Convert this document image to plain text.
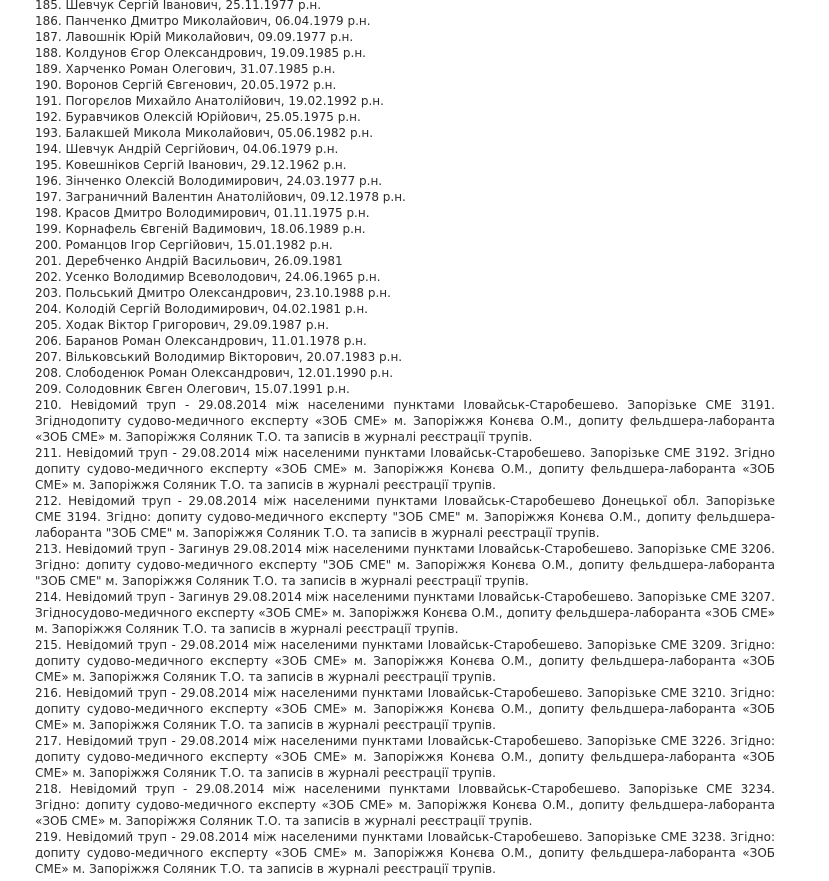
185. Шевчук Сергій Іванович, 25.11.1977 р.н.

186. Панченко Дмитро Миколайович, 06.04.1979 р.н.

187. Лавошнік Юрій Миколайович, 09.09.1977 р.н.

188. Колдунов Єгор Олександрович, 19.09.1985 р.н.

189. Харченко Роман Олегович, 31.07.1985 р.н.

190. Воронов Сергій Євгенович, 20.05.1972 р.н.

191. Погорєлов Михайло Анатолійович, 19.02.1992 р.н.

192. Буравчиков Олексій Юрійович, 25.05.1975 р.н.

193. Балакшей Микола Миколайович, 05.06.1982 р.н.

194. Шевчук Андрій Сергійович, 04.06.1979 р.н.

195. Ковешніков Сергій Іванович, 29.12.1962 р.н.

196. Зінченко Олексій Володимирович, 24.03.1977 р.н.

197. Заграничний Валентин Анатолійович, 09.12.1978 р.н.

198. Красов Дмитро Володимирович, 01.11.1975 р.н.

199. Корнафель Євгеній Вадимович, 18.06.1989 р.н.

200. Романцов Ігор Сергійович, 15.01.1982 р.н.

201. Деребченко Андрій Васильович, 26.09.1981

202. Усенко Володимир Всеволодович, 24.06.1965 р.н.

203. Польський Дмитро Олександрович, 23.10.1988 р.н.

204. Колодій Сергій Володимирович, 04.02.1981 р.н.

205. Ходак Віктор Григорович, 29.09.1987 р.н.

206. Баранов Роман Олександрович, 11.01.1978 р.н.

207. Вільковський Володимир Вікторович, 20.07.1983 р.н.

208. Слободенюк Роман Олександрович, 12.01.1990 р.н.

209. Солодовник Євген Олегович, 15.07.1991 р.н.

210. Невідомий труп - 29.08.2014 між населеними пунктами Іловайськ-Старобешево. Запорізьке СМЕ 3191. Згіднодопиту судово-медичного експерту «ЗОБ СМЕ» м. Запоріжжя Конєва О.М., допиту фельдшера-лаборанта «ЗОБ СМЕ» м. Запоріжжя Соляник Т.О. та записів в журналі реєстрації трупів.

211. Невідомий труп - 29.08.2014 між населеними пунктами Іловайськ-Старобешево. Запорізьке СМЕ 3192. Згідно допиту судово-медичного експерту «ЗОБ СМЕ» м. Запоріжжя Конєва О.М., допиту фельдшера-лаборанта «ЗОБ СМЕ» м. Запоріжжя Соляник Т.О. та записів в журналі реєстрації трупів.

212. Невідомий труп - 29.08.2014 між населеними пунктами Іловайськ-Старобешево Донецької обл. Запорізьке СМЕ 3194. Згідно: допиту судово-медичного експерту "ЗОБ СМЕ" м. Запоріжжя Конєва О.М., допиту фельдшера-лаборанта "ЗОБ СМЕ" м. Запоріжжя Соляник Т.О. та записів в журналі реєстрації трупів.

213. Невідомий труп - Загинув 29.08.2014 між населеними пунктами Іловайськ-Старобешево. Запорізьке СМЕ 3206. Згідно: допиту судово-медичного експерту "ЗОБ СМЕ" м. Запоріжжя Конєва О.М., допиту фельдшера-лаборанта "ЗОБ СМЕ" м. Запоріжжя Соляник Т.О. та записів в журналі реєстрації трупів.

214. Невідомий труп - Загинув 29.08.2014 між населеними пунктами Іловайськ-Старобешево. Запорізьке СМЕ 3207. Згідносудово-медичного експерту «ЗОБ СМЕ» м. Запоріжжя Конєва О.М., допиту фельдшера-лаборанта «ЗОБ СМЕ» м. Запоріжжя Соляник Т.О. та записів в журналі реєстрації трупів.

215. Невідомий труп - 29.08.2014 між населеними пунктами Іловайськ-Старобешево. Запорізьке СМЕ 3209. Згідно: допиту судово-медичного експерту «ЗОБ СМЕ» м. Запоріжжя Конєва О.М., допиту фельдшера-лаборанта «ЗОБ СМЕ» м. Запоріжжя Соляник Т.О. та записів в журналі реєстрації трупів.

216. Невідомий труп - 29.08.2014 між населеними пунктами Іловайськ-Старобешево. Запорізьке СМЕ 3210. Згідно: допиту судово-медичного експерту «ЗОБ СМЕ» м. Запоріжжя Конєва О.М., допиту фельдшера-лаборанта «ЗОБ СМЕ» м. Запоріжжя Соляник Т.О. та записів в журналі реєстрації трупів.

217. Невідомий труп - 29.08.2014 між населеними пунктами Іловайськ-Старобешево. Запорізьке СМЕ 3226. Згідно: допиту судово-медичного експерту «ЗОБ СМЕ» м. Запоріжжя Конєва О.М., допиту фельдшера-лаборанта «ЗОБ СМЕ» м. Запоріжжя Соляник Т.О. та записів в журналі реєстрації трупів.

218. Невідомий труп - 29.08.2014 між населеними пунктами Іловвайськ-Старобешево. Запорізьке СМЕ 3234. Згідно: допиту судово-медичного експерту «ЗОБ СМЕ» м. Запоріжжя Конєва О.М., допиту фельдшера-лаборанта «ЗОБ СМЕ» м. Запоріжжя Соляник Т.О. та записів в журналі реєстрації трупів.

219. Невідомий труп - 29.08.2014 між населеними пунктами Іловайськ-Старобешево. Запорізьке СМЕ 3238. Згідно: допиту судово-медичного експерту «ЗОБ СМЕ» м. Запоріжжя Конєва О.М., допиту фельдшера-лаборанта «ЗОБ СМЕ» м. Запоріжжя Соляник Т.О. та записів в журналі реєстрації трупів.
